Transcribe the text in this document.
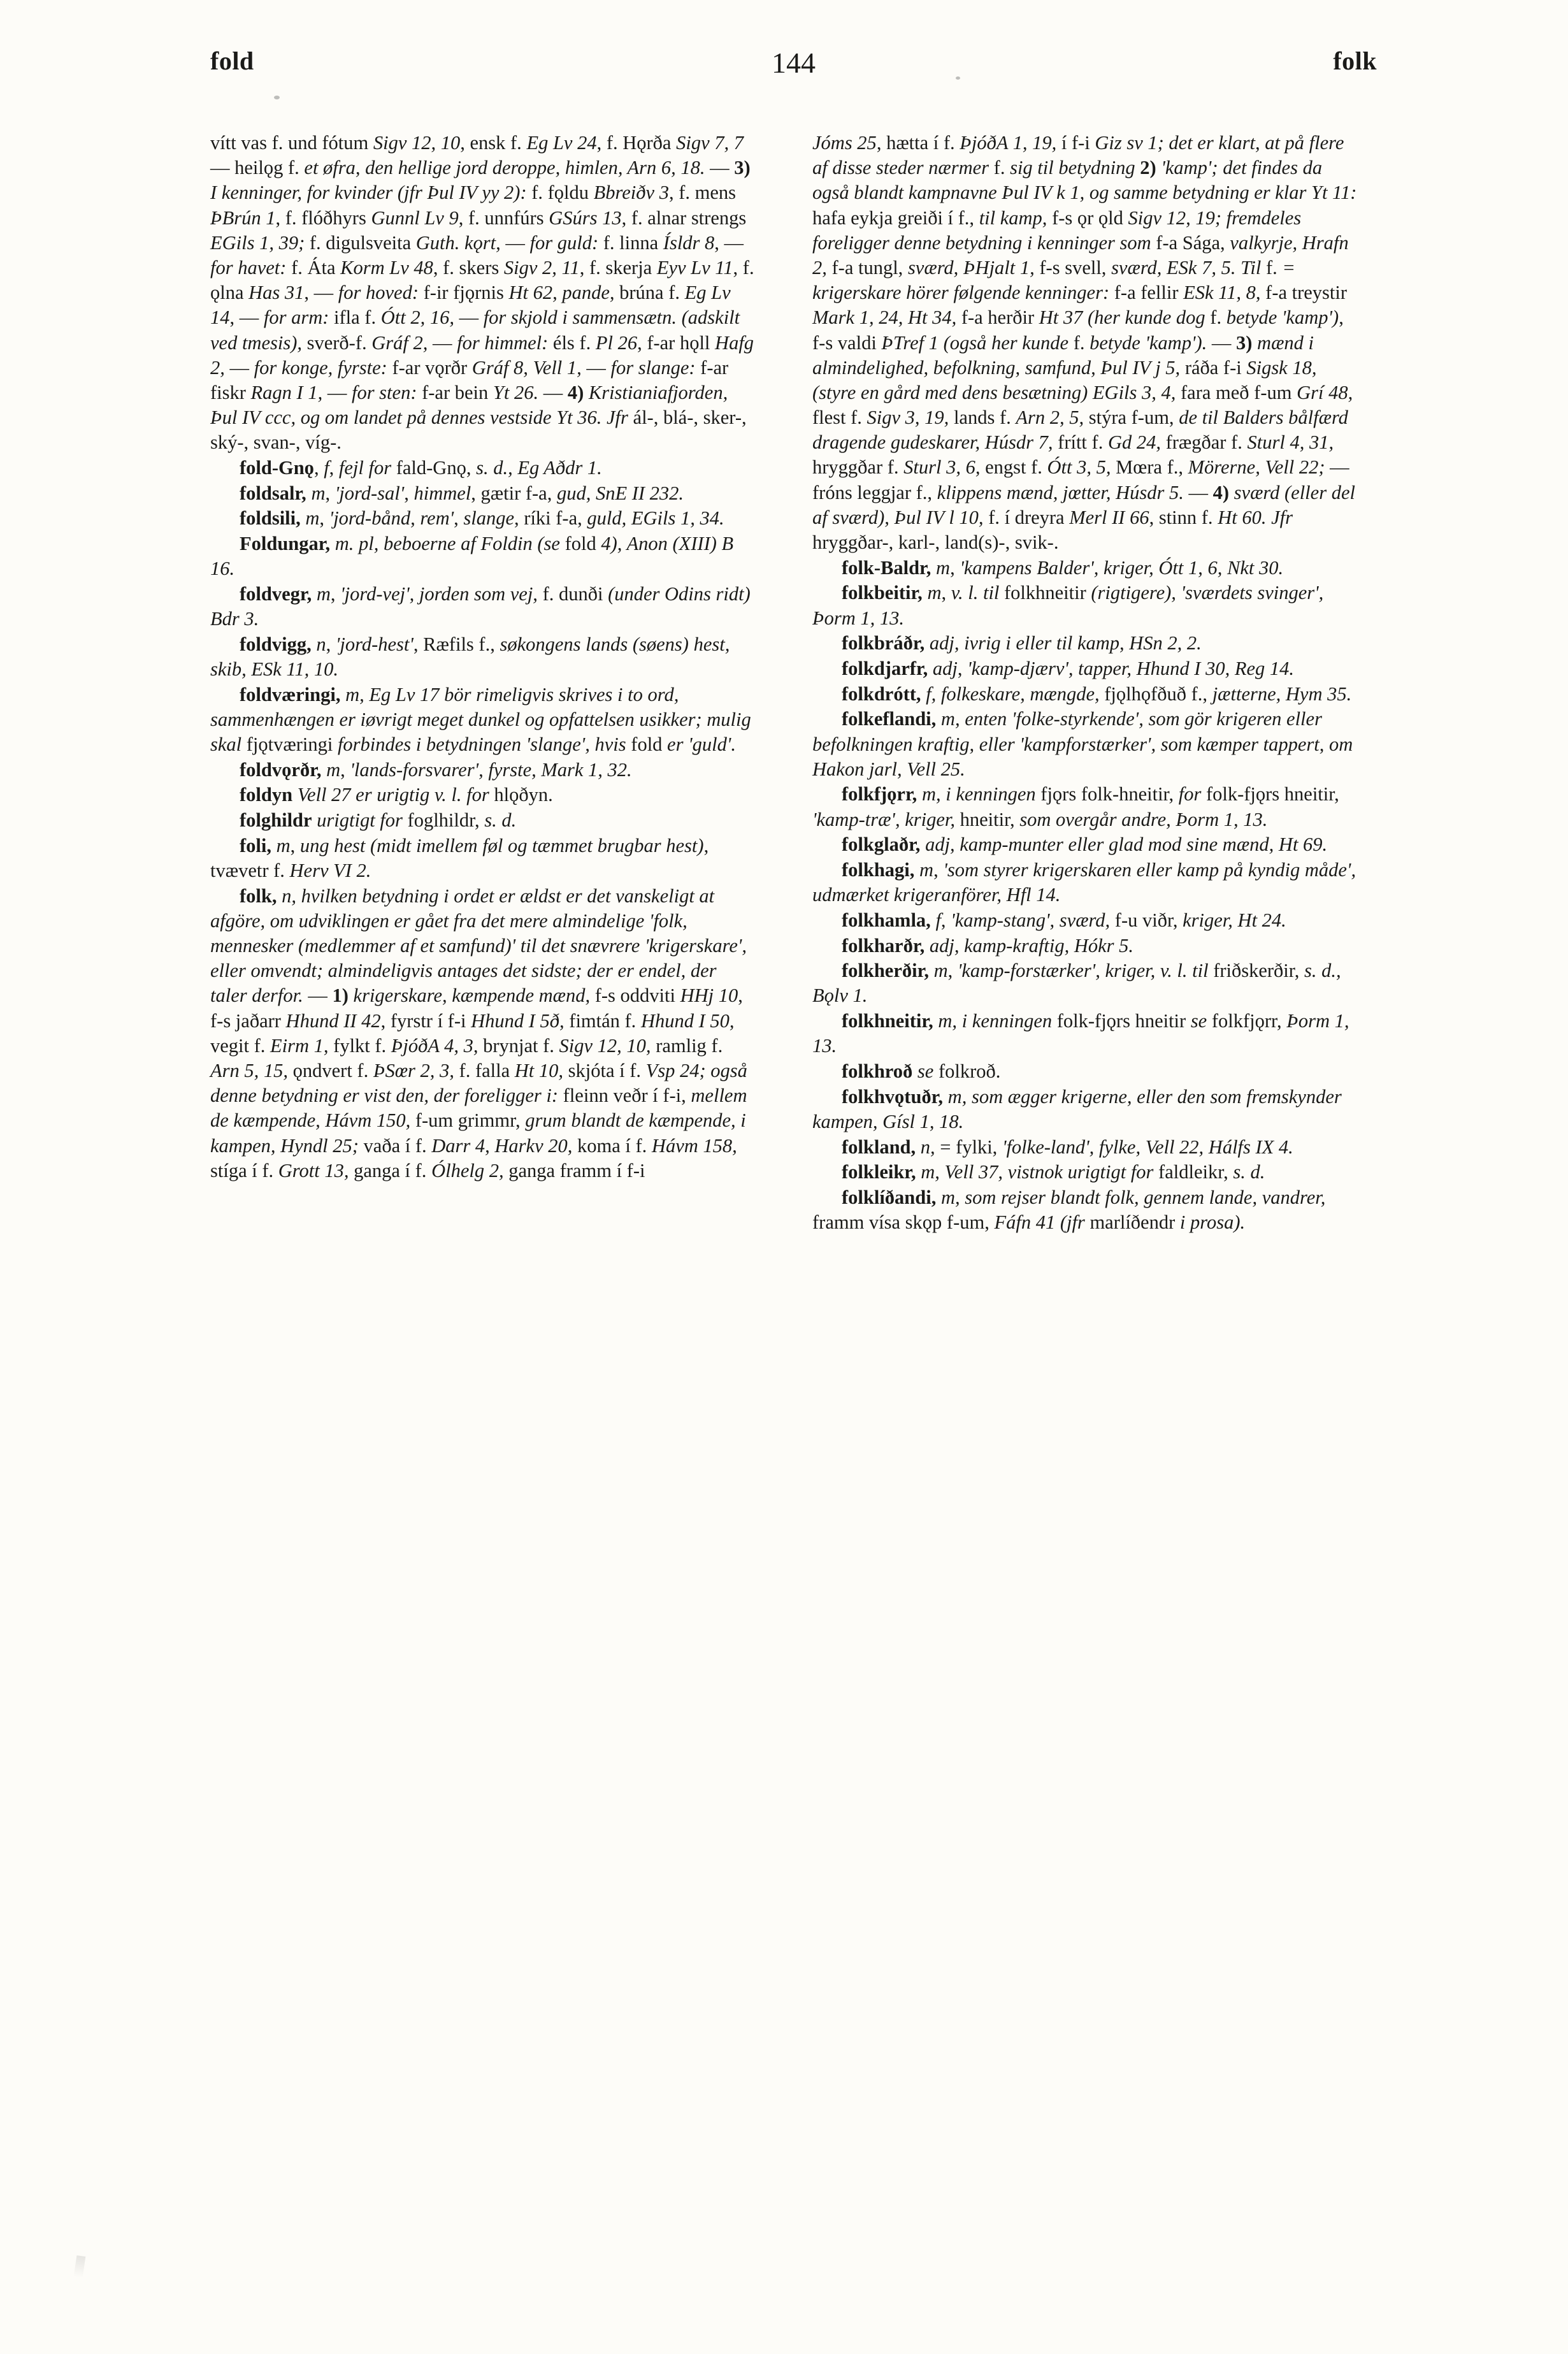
fold	144	folk

vítt vas f. und fótum Sigv 12, 10, ensk f. Eg Lv 24, f. Hǫrða Sigv 7, 7 — heilǫg f. et øfra, den hellige jord deroppe, himlen, Arn 6, 18. — 3) I kenninger, for kvinder (jfr Þul IV yy 2): f. fǫldu Bbreiðv 3, f. mens ÞBrún 1, f. flóðhyrs Gunnl Lv 9, f. unnfúrs GSúrs 13, f. alnar strengs EGils 1, 39; f. digulsveita Guth. kǫrt, — for guld: f. linna Ísldr 8, — for havet: f. Áta Korm Lv 48, f. skers Sigv 2, 11, f. skerja Eyv Lv 11, f. ǫlna Has 31, — for hoved: f-ir fjǫrnis Ht 62, pande, brúna f. Eg Lv 14, — for arm: ifla f. Ótt 2, 16, — for skjold i sammensætn. (adskilt ved tmesis), sverð-f. Gráf 2, — for himmel: éls f. Pl 26, f-ar hǫll Hafg 2, — for konge, fyrste: f-ar vǫrðr Gráf 8, Vell 1, — for slange: f-ar fiskr Ragn I 1, — for sten: f-ar bein Yt 26. — 4) Kristianiafjorden, Þul IV ccc, og om landet på dennes vestside Yt 36. Jfr ál-, blá-, sker-, ský-, svan-, víg-.

fold-Gnǫ, f, fejl for fald-Gnǫ, s. d., Eg Aðdr 1.

foldsalr, m, 'jord-sal', himmel, gætir f-a, gud, SnE II 232.

foldsili, m, 'jord-bånd, rem', slange, ríki f-a, guld, EGils 1, 34.

Foldungar, m. pl, beboerne af Foldin (se fold 4), Anon (XIII) B 16.

foldvegr, m, 'jord-vej', jorden som vej, f. dunði (under Odins ridt) Bdr 3.

foldvigg, n, 'jord-hest', Ræfils f., søkongens lands (søens) hest, skib, ESk 11, 10.

foldværingi, m, Eg Lv 17 bör rimeligvis skrives i to ord, sammenhængen er iøvrigt meget dunkel og opfattelsen usikker; mulig skal fjǫtværingi forbindes i betydningen 'slange', hvis fold er 'guld'.

foldvǫrðr, m, 'lands-forsvarer', fyrste, Mark 1, 32.

foldyn Vell 27 er urigtig v. l. for hlǫðyn.

folghildr urigtigt for foglhildr, s. d.

foli, m, ung hest (midt imellem føl og tæmmet brugbar hest), tvævetr f. Herv VI 2.

folk, n, hvilken betydning i ordet er ældst er det vanskeligt at afgöre, om udviklingen er gået fra det mere almindelige 'folk, mennesker (medlemmer af et samfund)' til det snævrere 'krigerskare', eller omvendt; almindeligvis antages det sidste; der er endel, der taler derfor. — 1) krigerskare, kæmpende mænd, f-s oddviti HHj 10, f-s jaðarr Hhund II 42, fyrstr í f-i Hhund I 5ð, fimtán f. Hhund I 50, vegit f. Eirm 1, fylkt f. ÞjóðA 4, 3, brynjat f. Sigv 12, 10, ramlig f. Arn 5, 15, ǫndvert f. ÞSœr 2, 3, f. falla Ht 10, skjóta í f. Vsp 24; også denne betydning er vist den, der foreligger i: fleinn veðr í f-i, mellem de kæmpende, Hávm 150, f-um grimmr, grum blandt de kæmpende, i kampen, Hyndl 25; vaða í f. Darr 4, Harkv 20, koma í f. Hávm 158, stíga í f. Grott 13, ganga í f. Ólhelg 2, ganga framm í f-i

Jóms 25, hætta í f. ÞjóðA 1, 19, í f-i Giz sv 1; det er klart, at på flere af disse steder nærmer f. sig til betydning 2) 'kamp'; det findes da også blandt kampnavne Þul IV k 1, og samme betydning er klar Yt 11: hafa eykja greiði í f., til kamp, f-s ǫr ǫld Sigv 12, 19; fremdeles foreligger denne betydning i kenninger som f-a Sága, valkyrje, Hrafn 2, f-a tungl, sværd, ÞHjalt 1, f-s svell, sværd, ESk 7, 5. Til f. = krigerskare hörer følgende kenninger: f-a fellir ESk 11, 8, f-a treystir Mark 1, 24, Ht 34, f-a herðir Ht 37 (her kunde dog f. betyde 'kamp'), f-s valdi ÞTref 1 (også her kunde f. betyde 'kamp'). — 3) mænd i almindelighed, befolkning, samfund, Þul IV j 5, ráða f-i Sigsk 18, (styre en gård med dens besætning) EGils 3, 4, fara með f-um Grí 48, flest f. Sigv 3, 19, lands f. Arn 2, 5, stýra f-um, de til Balders bålfærd dragende gudeskarer, Húsdr 7, frítt f. Gd 24, frægðar f. Sturl 4, 31, hryggðar f. Sturl 3, 6, engst f. Ótt 3, 5, Mœra f., Mörerne, Vell 22; — fróns leggjar f., klippens mænd, jœtter, Húsdr 5. — 4) sværd (eller del af sværd), Þul IV l 10, f. í dreyra Merl II 66, stinn f. Ht 60. Jfr hryggðar-, karl-, land(s)-, svik-.

folk-Baldr, m, 'kampens Balder', kriger, Ótt 1, 6, Nkt 30.

folkbeitir, m, v. l. til folkhneitir (rigtigere), 'sværdets svinger', Þorm 1, 13.

folkbráðr, adj, ivrig i eller til kamp, HSn 2, 2.

folkdjarfr, adj, 'kamp-djærv', tapper, Hhund I 30, Reg 14.

folkdrótt, f, folkeskare, mængde, fjǫlhǫfðuð f., jætterne, Hym 35.

folkeflandi, m, enten 'folke-styrkende', som gör krigeren eller befolkningen kraftig, eller 'kampforstærker', som kæmper tappert, om Hakon jarl, Vell 25.

folkfjǫrr, m, i kenningen fjǫrs folk-hneitir, for folk-fjǫrs hneitir, 'kamp-træ', kriger, hneitir, som overgår andre, Þorm 1, 13.

folkglaðr, adj, kamp-munter eller glad mod sine mænd, Ht 69.

folkhagi, m, 'som styrer krigerskaren eller kamp på kyndig måde', udmærket krigeranförer, Hfl 14.

folkhamla, f, 'kamp-stang', sværd, f-u viðr, kriger, Ht 24.

folkharðr, adj, kamp-kraftig, Hókr 5.

folkherðir, m, 'kamp-forstærker', kriger, v. l. til friðskerðir, s. d., Bǫlv 1.

folkhneitir, m, i kenningen folk-fjǫrs hneitir se folkfjǫrr, Þorm 1, 13.

folkhroð se folkroð.

folkhvǫtuðr, m, som ægger krigerne, eller den som fremskynder kampen, Gísl 1, 18.

folkland, n, = fylki, 'folke-land', fylke, Vell 22, Hálfs IX 4.

folkleikr, m, Vell 37, vistnok urigtigt for faldleikr, s. d.

folklíðandi, m, som rejser blandt folk, gennem lande, vandrer, framm vísa skǫp f-um, Fáfn 41 (jfr marlíðendr i prosa).
